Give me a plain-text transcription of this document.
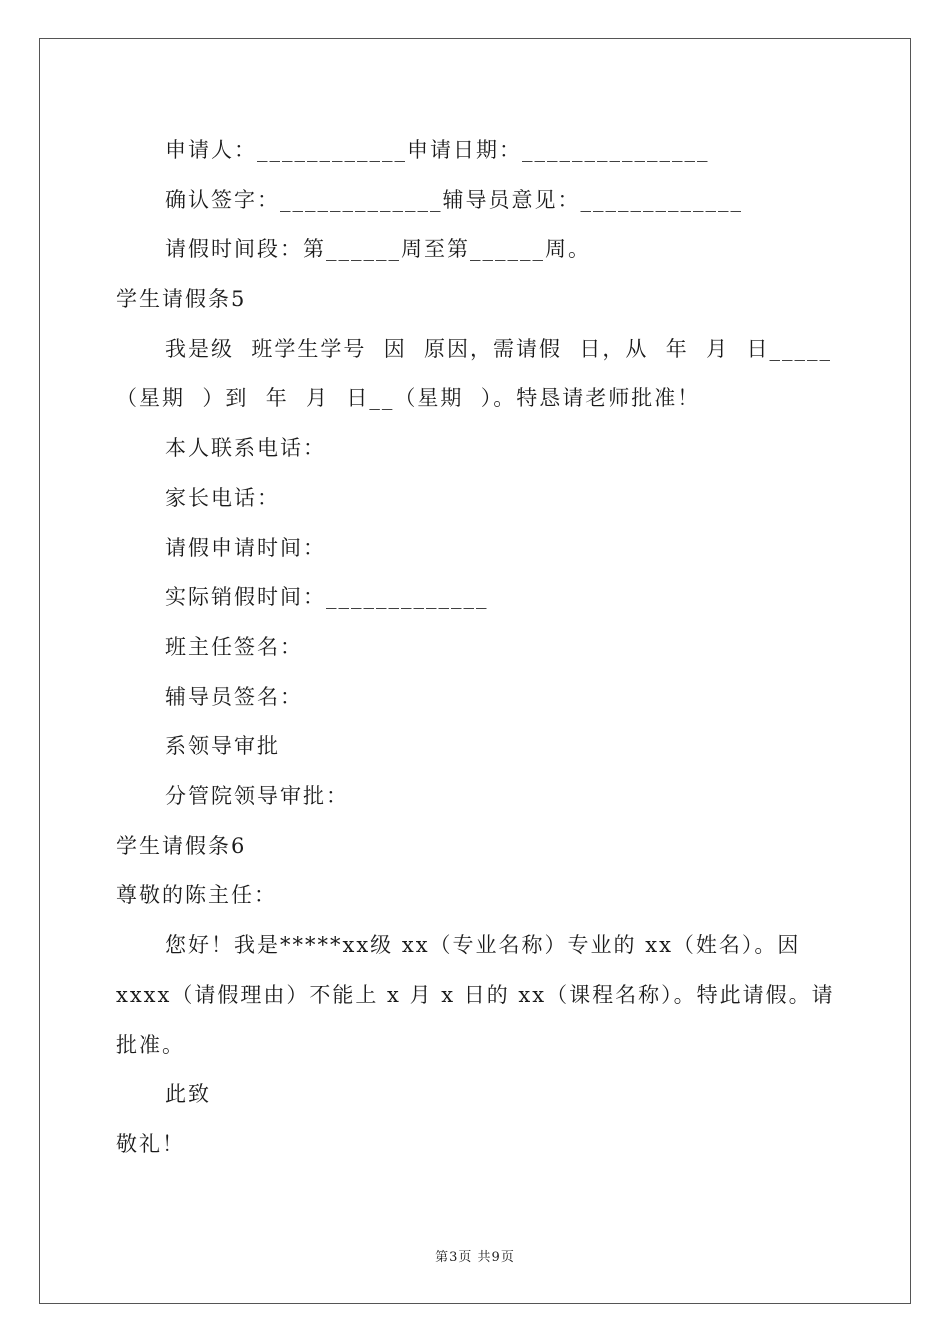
申请人：____________申请日期：_______________
确认签字：_____________辅导员意见：_____________
请假时间段：第______周至第______周。
学生请假条5
我是级  班学生学号  因  原因，需请假  日，从  年  月  日_____
（星期  ）到  年  月  日__（星期  ）。特恳请老师批准！
本人联系电话：
家长电话：
请假申请时间：
实际销假时间：_____________
班主任签名：
辅导员签名：
系领导审批
分管院领导审批：
学生请假条6
尊敬的陈主任：
您好！我是*****xx级 xx（专业名称）专业的 xx（姓名）。因
xxxx（请假理由）不能上 x 月 x 日的 xx（课程名称）。特此请假。请
批准。
此致
敬礼！
第3页 共9页
